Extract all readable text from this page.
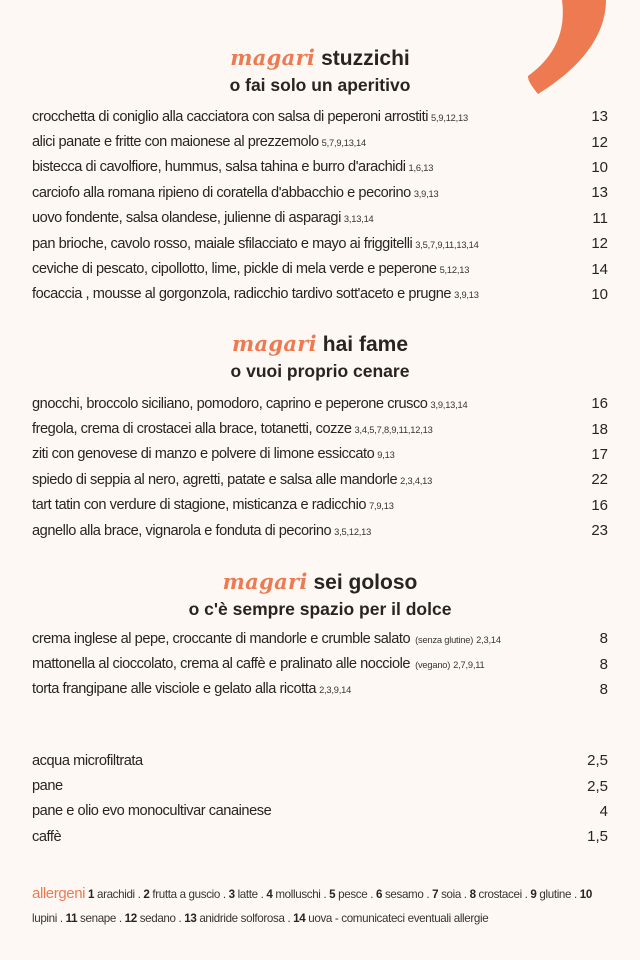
magari stuzzichi
o fai solo un aperitivo
crocchetta di coniglio alla cacciatora con salsa di peperoni arrostiti 5,9,12,13	13
alici panate e fritte con maionese al prezzemolo 5,7,9,13,14	12
bistecca di cavolfiore, hummus, salsa tahina e burro d'arachidi 1,6,13	10
carciofo alla romana ripieno di coratella d'abbacchio e pecorino 3,9,13	13
uovo fondente, salsa olandese, julienne di asparagi 3,13,14	11
pan brioche, cavolo rosso, maiale sfilacciato e mayo ai friggitelli 3,5,7,9,11,13,14	12
ceviche di pescato, cipollotto, lime, pickle di mela verde e peperone 5,12,13	14
focaccia , mousse al gorgonzola, radicchio tardivo sott'aceto e prugne 3,9,13	10
magari hai fame
o vuoi proprio cenare
gnocchi, broccolo siciliano, pomodoro, caprino e peperone crusco 3,9,13,14	16
fregola, crema di crostacei alla brace, totanetti, cozze 3,4,5,7,8,9,11,12,13	18
ziti con genovese di manzo e polvere di limone essiccato 9,13	17
spiedo di seppia al nero, agretti, patate e salsa alle mandorle 2,3,4,13	22
tart tatin con verdure di stagione, misticanza e radicchio 7,9,13	16
agnello alla brace, vignarola e fonduta di pecorino 3,5,12,13	23
magari sei goloso
o c'è sempre spazio per il dolce
crema inglese al pepe, croccante di mandorle e crumble salato (senza glutine) 2,3,14	8
mattonella al cioccolato, crema al caffè e pralinato alle nocciole (vegano) 2,7,9,11	8
torta frangipane alle visciole e gelato alla ricotta 2,3,9,14	8
acqua microfiltrata	2,5
pane	2,5
pane e olio evo monocultivar canainese	4
caffè	1,5
allergeni 1 arachidi . 2 frutta a guscio . 3 latte . 4 molluschi . 5 pesce . 6 sesamo . 7 soia . 8 crostacei . 9 glutine . 10 lupini . 11 senape . 12 sedano . 13 anidride solforosa . 14 uova - comunicateci eventuali allergie
